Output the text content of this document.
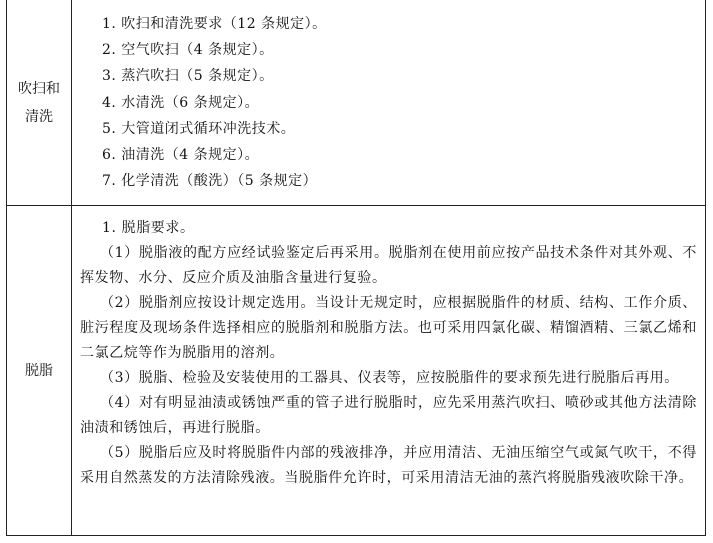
吹扫和清洗
1. 吹扫和清洗要求（12 条规定）。
2. 空气吹扫（4 条规定）。
3. 蒸汽吹扫（5 条规定）。
4. 水清洗（6 条规定）。
5. 大管道闭式循环冲洗技术。
6. 油清洗（4 条规定）。
7. 化学清洗（酸洗）（5 条规定）
脱脂

1. 脱脂要求。

（1）脱脂液的配方应经试验鉴定后再采用。脱脂剂在使用前应按产品技术条件对其外观、不挥发物、水分、反应介质及油脂含量进行复验。

（2）脱脂剂应按设计规定选用。当设计无规定时，应根据脱脂件的材质、结构、工作介质、脏污程度及现场条件选择相应的脱脂剂和脱脂方法。也可采用四氯化碳、精馏酒精、三氯乙烯和二氯乙烷等作为脱脂用的溶剂。

（3）脱脂、检验及安装使用的工器具、仪表等，应按脱脂件的要求预先进行脱脂后再用。

（4）对有明显油渍或锈蚀严重的管子进行脱脂时，应先采用蒸汽吹扫、喷砂或其他方法清除油渍和锈蚀后，再进行脱脂。

（5）脱脂后应及时将脱脂件内部的残液排净，并应用清洁、无油压缩空气或氮气吹干，不得采用自然蒸发的方法清除残液。当脱脂件允许时，可采用清洁无油的蒸汽将脱脂残液吹除干净。
